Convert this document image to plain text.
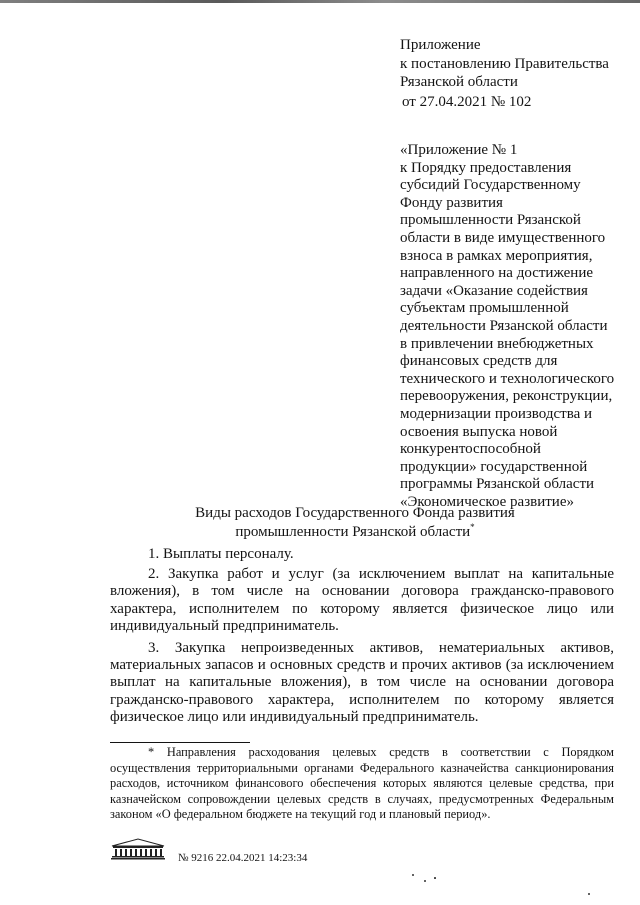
Приложение
к постановлению Правительства
Рязанской области
от 27.04.2021 № 102
«Приложение № 1
к Порядку предоставления
субсидий Государственному
Фонду развития
промышленности Рязанской
области в виде имущественного
взноса в рамках мероприятия,
направленного на достижение
задачи «Оказание содействия
субъектам промышленной
деятельности Рязанской области
в привлечении внебюджетных
финансовых средств для
технического и технологического
перевооружения, реконструкции,
модернизации производства и
освоения выпуска новой
конкурентоспособной
продукции» государственной
программы Рязанской области
«Экономическое развитие»
Виды расходов Государственного Фонда развития
промышленности Рязанской области*

1. Выплаты персоналу.

2. Закупка работ и услуг (за исключением выплат на капитальные вложения), в том числе на основании договора гражданско-правового характера, исполнителем по которому является физическое лицо или индивидуальный предприниматель.

3. Закупка непроизведенных активов, нематериальных активов, материальных запасов и основных средств и прочих активов (за исключением выплат на капитальные вложения), в том числе на основании договора гражданско-правового характера, исполнителем по которому является физическое лицо или индивидуальный предприниматель.

* Направления расходования целевых средств в соответствии с Порядком осуществления территориальными органами Федерального казначейства санкционирования расходов, источником финансового обеспечения которых являются целевые средства, при казначейском сопровождении целевых средств в случаях, предусмотренных Федеральным законом «О федеральном бюджете на текущий год и плановый период».
№ 9216 22.04.2021 14:23:34
